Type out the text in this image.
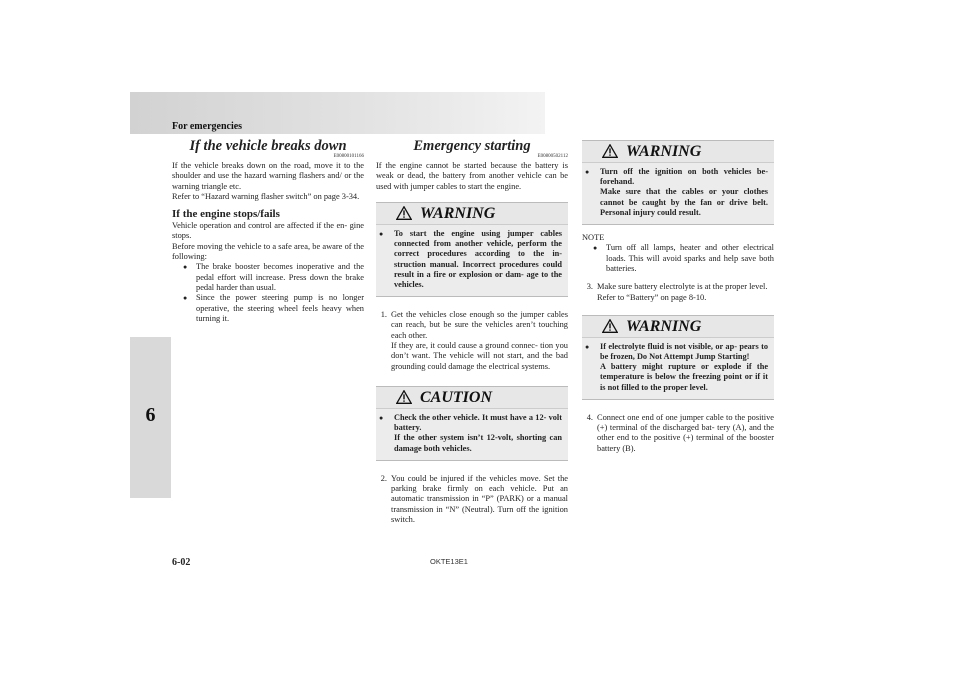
For emergencies
6
If the vehicle breaks down
E00800101166

If the vehicle breaks down on the road, move it to the shoulder and use the hazard warning flashers and/ or the warning triangle etc.

Refer to “Hazard warning flasher switch” on page 3-34.

If the engine stops/fails

Vehicle operation and control are affected if the en- gine stops.

Before moving the vehicle to a safe area, be aware of the following:

● The brake booster becomes inoperative and the pedal effort will increase. Press down the brake pedal harder than usual.
● Since the power steering pump is no longer operative, the steering wheel feels heavy when turning it.
Emergency starting
E00800502112

If the engine cannot be started because the battery is weak or dead, the battery from another vehicle can be used with jumper cables to start the engine.

WARNING
● To start the engine using jumper cables connected from another vehicle, perform the correct procedures according to the in- struction manual. Incorrect procedures could result in a fire or explosion or dam- age to the vehicles.
1. Get the vehicles close enough so the jumper cables can reach, but be sure the vehicles aren’t touching each other.

If they are, it could cause a ground connec- tion you don’t want. The vehicle will not start, and the bad grounding could damage the electrical systems.

CAUTION
● Check the other vehicle. It must have a 12- volt battery.

If the other system isn’t 12-volt, shorting can damage both vehicles.

2. You could be injured if the vehicles move. Set the parking brake firmly on each vehicle. Put an automatic transmission in “P” (PARK) or a manual transmission in “N” (Neutral). Turn off the ignition switch.

WARNING
● Turn off the ignition on both vehicles be- forehand.

Make sure that the cables or your clothes cannot be caught by the fan or drive belt. Personal injury could result.

NOTE
● Turn off all lamps, heater and other electrical loads. This will avoid sparks and help save both batteries.
3. Make sure battery electrolyte is at the proper level.

Refer to “Battery” on page 8-10.

WARNING
● If electrolyte fluid is not visible, or ap- pears to be frozen, Do Not Attempt Jump Starting!

A battery might rupture or explode if the temperature is below the freezing point or if it is not filled to the proper level.

4. Connect one end of one jumper cable to the positive (+) terminal of the discharged bat- tery (A), and the other end to the positive (+) terminal of the booster battery (B).

6-02	OKTE13E1
